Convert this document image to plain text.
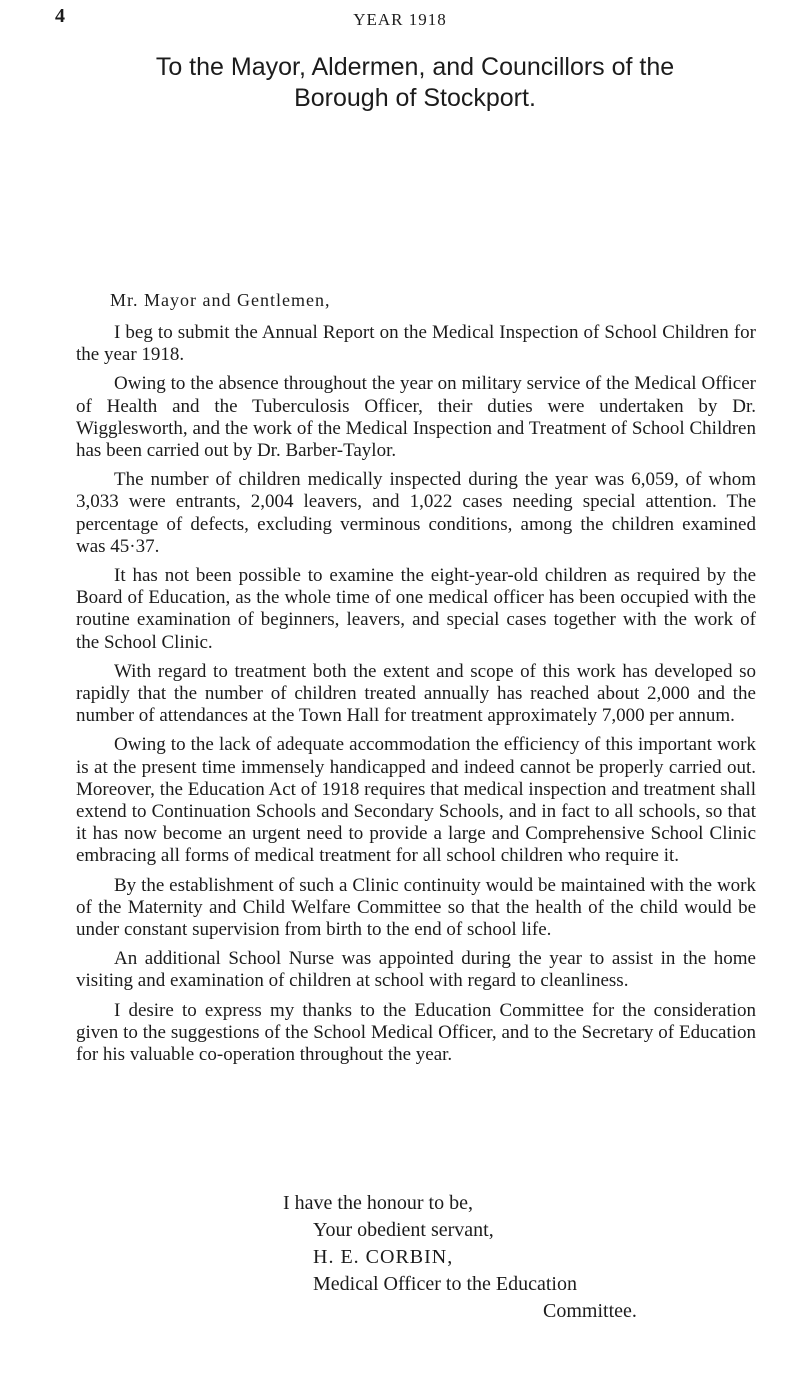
4	YEAR 1918
To the Mayor, Aldermen, and Councillors of the
Borough of Stockport.
Mr. Mayor and Gentlemen,

I beg to submit the Annual Report on the Medical Inspection of School Children for the year 1918.

Owing to the absence throughout the year on military service of the Medical Officer of Health and the Tuberculosis Officer, their duties were undertaken by Dr. Wigglesworth, and the work of the Medical Inspection and Treatment of School Children has been carried out by Dr. Barber-Taylor.

The number of children medically inspected during the year was 6,059, of whom 3,033 were entrants, 2,004 leavers, and 1,022 cases needing special attention. The percentage of defects, excluding verminous conditions, among the children examined was 45·37.

It has not been possible to examine the eight-year-old children as required by the Board of Education, as the whole time of one medical officer has been occupied with the routine examination of beginners, leavers, and special cases together with the work of the School Clinic.

With regard to treatment both the extent and scope of this work has developed so rapidly that the number of children treated annually has reached about 2,000 and the number of attendances at the Town Hall for treatment approximately 7,000 per annum.

Owing to the lack of adequate accommodation the efficiency of this important work is at the present time immensely handicapped and indeed cannot be properly carried out. Moreover, the Education Act of 1918 requires that medical inspection and treatment shall extend to Continuation Schools and Secondary Schools, and in fact to all schools, so that it has now become an urgent need to provide a large and Comprehensive School Clinic embracing all forms of medical treatment for all school children who require it.

By the establishment of such a Clinic continuity would be maintained with the work of the Maternity and Child Welfare Committee so that the health of the child would be under constant supervision from birth to the end of school life.

An additional School Nurse was appointed during the year to assist in the home visiting and examination of children at school with regard to cleanliness.

I desire to express my thanks to the Education Committee for the consideration given to the suggestions of the School Medical Officer, and to the Secretary of Education for his valuable co-operation throughout the year.

I have the honour to be,
Your obedient servant,
H. E. CORBIN,
Medical Officer to the Education
Committee.
